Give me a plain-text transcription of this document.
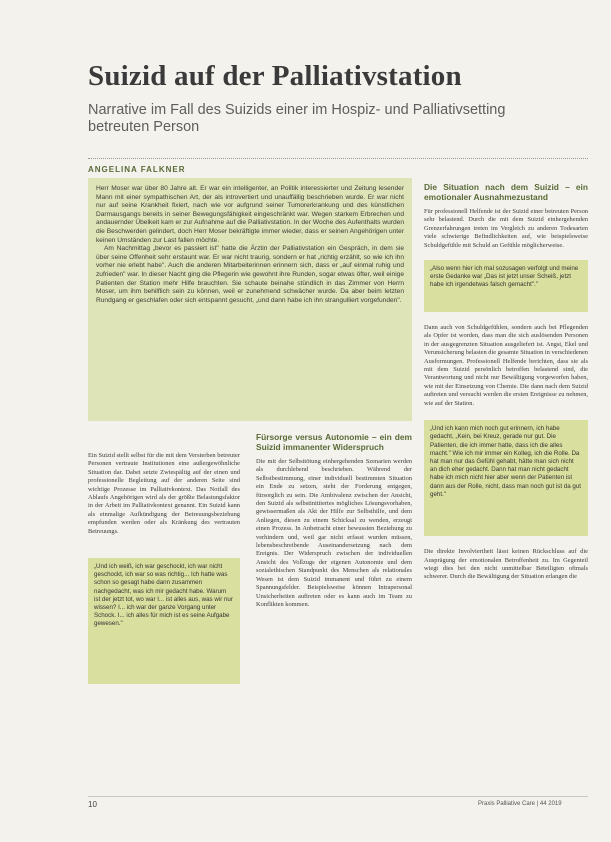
Suizid auf der Palliativstation

Narrative im Fall des Suizids einer im Hospiz- und Palliativsetting betreuten Person

ANGELINA FALKNER

Herr Moser war über 80 Jahre alt. Er war ein intelligenter, an Politik interessierter und Zeitung lesender Mann mit einer sympathischen Art, der als introvertiert und unauffällig beschrieben wurde. Er war nicht nur auf seine Krankheit fixiert, nach wie vor aufgrund seiner Tumorerkrankung und des künstlichen Darmausgangs bereits in seiner Bewegungsfähigkeit eingeschränkt war. Wegen starkem Erbrechen und andauernder Übelkeit kam er zur Aufnahme auf die Palliativstation. In der Woche des Aufenthalts wurden die Beschwerden gelindert, doch Herr Moser bekräftigte immer wieder, dass er seinen Angehörigen unter keinen Umständen zur Last fallen möchte.

Am Nachmittag „bevor es passiert ist" hatte die Ärztin der Palliativstation ein Gespräch, in dem sie über seine Offenheit sehr erstaunt war. Er war nicht traurig, sondern er hat „richtig erzählt, so wie ich ihn vorher nie erlebt habe". Auch die anderen Mitarbeiterinnen erinnern sich, dass er „auf einmal ruhig und zufrieden" war. In dieser Nacht ging die Pflegerin wie gewohnt ihre Runden, sogar etwas öfter, weil einige Patienten der Station mehr Hilfe brauchten. Sie schaute beinahe stündlich in das Zimmer von Herrn Moser, um ihm behilflich sein zu können, weil er zunehmend schwächer wurde. Da aber beim letzten Rundgang er geschlafen oder sich entspannt gesucht, „und dann habe ich ihn strangulliert vorgefunden".

Ein Suizid stellt selbst für die mit dem Versterben betreuter Personen vertraute Institutionen eine außergewöhnliche Situation dar. Dabei setzte Zwiespältig auf der einen und professionelle Begleitung auf der anderen Seite sind wichtige Prozesse im Palliativkontext. Das Notfall des Ablaufs Angehörigen wird als der größte Belastungsfaktor in der Arbeit im Palliativkontext genannt. Ein Suizid kann als einmalige Aufkündigung der Betreuungsbeziehung empfunden werden oder als Kränkung des vertrauten Betreuungs.

„Und ich weiß, ich war geschockt, ich war nicht geschockt, ich war so was richtig... Ich hatte was schon so gesagt habe dann zusammen nachgedacht, was ich mir gedacht habe. Warum ist der jetzt tot, wo war I... ist alles aus, was wir nur wissen? I... ich war der ganze Vorgang unter Schock. I... ich alles für mich ist es seine Aufgabe gewesen."
Fürsorge versus Autonomie – ein dem Suizid immanenter Widerspruch

Die mit der Selbsttötung einhergehenden Szenarien werden als durchlebend beschrieben. Während der Selbstbestimmung, einer individuell bestimmten Situation ein Ende zu setzen, steht der Forderung entgegen, fürsorglich zu sein. Die Ambivalenz zwischen der Ansicht, den Suizid als selbstinitiiertes mögliches Lösungsvorhaben, gewissermaßen als Akt der Hilfe zur Selbsthilfe, und dem Anliegen, diesen zu einem Schicksal zu wenden, erzeugt einen Prozess. In Anbetracht einer bewussten Beziehung zu verhindern und, weil gar nicht erfasst wurden müssen, lebensbeschreibende Auseinandersetzung nach dem Ereignis. Der Widerspruch zwischen der individuellen Ansicht des Vollzugs der eigenen Autonomie und dem sozialethischen Standpunkt des Menschen als relationales Wesen ist dem Suizid immanent und führt zu einem Spannungsfelder. Beispielsweise können Intrapersonal Unsicherheiten auftreten oder es kann auch im Team zu Konflikten kommen.

Die Situation nach dem Suizid – ein emotionaler Ausnahmezustand

Für professionell Helfende ist der Suizid einer betreuten Person sehr belastend. Durch die mit dem Suizid einhergehenden Grenzerfahrungen treten im Vergleich zu anderen Todesarten viele schwierige Befindlichkeiten auf, wie beispielsweise Schuldgefühle mit Schuld an Gefühle möglicherweise.

„Also wenn hier ich mal sozusagen verfolgt und meine erste Gedanke war „Das ist jetzt unser Scheiß, jetzt habe ich irgendetwas falsch gemacht"."

Dann auch von Schuldgefühlen, sondern auch bei Pflegenden als Opfer ist worden, dass man die sich auslösenden Personen in der ausgegrenzten Situation ausgeliefert ist. Angst, Ekel und Verunsicherung belasten die gesamte Situation in verschiedenen Ausformungen. Professionell Helfende berichten, dass sie als mit dem Suizid persönlich betroffen belastend sind, die Verantwortung und nicht nur Bewältigung vorgeworfen haben, wie mit der Einsetzung von Chemie. Die dann nach dem Suizid auftreten und versucht werden die ersten Ereignisse zu nehmen, wie auf der Station.

„Und ich kann mich noch gut erinnern, ich habe gedacht, „Kein, bei Kreuz, gerade nur gut. Die Patienten, die ich immer hatte, dass ich die alles macht." Wie ich mir immer ein Kolleg, ich die Rolle. Da hat man nur das Gefühl gehabt, hätte man sich nicht an dich eher gedacht. Dann hat man nicht gedacht habe ich mich nicht hier aber wenn der Patienten ist dann aus der Rolle, nicht, dass man noch gut ist da gut geht."

Die direkte Involviertheit lässt keinen Rückschluss auf die Ausprägung der emotionalen Betroffenheit zu. Im Gegenteil wiegt dies bei den nicht unmittelbar Beteiligten oftmals schwerer. Durch die Bewältigung der Situation erlangen die

10	Praxis Palliative Care | 44 2019
